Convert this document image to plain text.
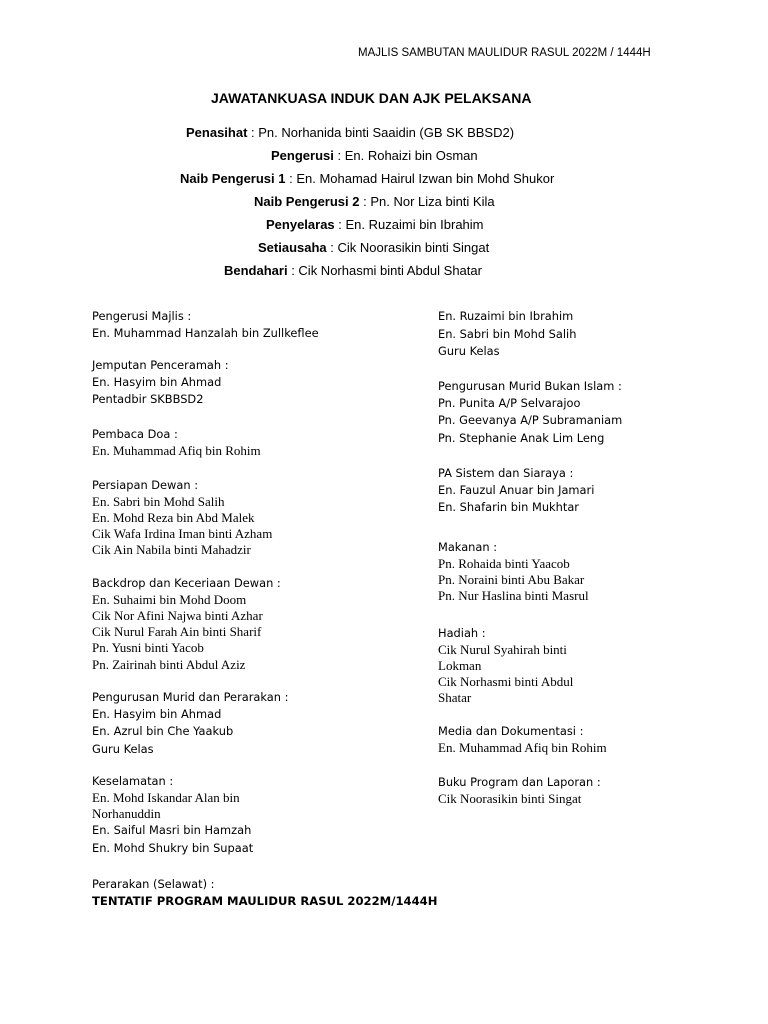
MAJLIS SAMBUTAN MAULIDUR RASUL 2022M / 1444H
JAWATANKUASA INDUK DAN AJK PELAKSANA
Penasihat : Pn. Norhanida binti Saaidin (GB SK BBSD2)
Pengerusi : En. Rohaizi bin Osman
Naib Pengerusi 1 : En. Mohamad Hairul Izwan bin Mohd Shukor
Naib Pengerusi 2 : Pn. Nor Liza binti Kila
Penyelaras : En. Ruzaimi bin Ibrahim
Setiausaha : Cik Noorasikin binti Singat
Bendahari : Cik Norhasmi binti Abdul Shatar
Pengerusi Majlis :
En. Muhammad Hanzalah bin Zullkeflee
Jemputan Penceramah :
En. Hasyim bin Ahmad
Pentadbir SKBBSD2
Pembaca Doa :
En. Muhammad Afiq bin Rohim
Persiapan Dewan :
En. Sabri bin Mohd Salih
En. Mohd Reza bin Abd Malek
Cik Wafa Irdina Iman binti Azham
Cik Ain Nabila binti Mahadzir
Backdrop dan Keceriaan Dewan :
En. Suhaimi bin Mohd Doom
Cik Nor Afini Najwa binti Azhar
Cik Nurul Farah Ain binti Sharif
Pn. Yusni binti Yacob
Pn. Zairinah binti Abdul Aziz
Pengurusan Murid dan Perarakan :
En. Hasyim bin Ahmad
En. Azrul bin Che Yaakub
Guru Kelas
Keselamatan :
En. Mohd Iskandar Alan bin
Norhanuddin
En. Saiful Masri bin Hamzah
En. Mohd Shukry bin Supaat
Perarakan (Selawat) :
TENTATIF PROGRAM MAULIDUR RASUL 2022M/1444H
En. Ruzaimi bin Ibrahim
En. Sabri bin Mohd Salih
Guru Kelas
Pengurusan Murid Bukan Islam :
Pn. Punita A/P Selvarajoo
Pn. Geevanya A/P Subramaniam
Pn. Stephanie Anak Lim Leng
PA Sistem dan Siaraya :
En. Fauzul Anuar bin Jamari
En. Shafarin bin Mukhtar
Makanan :
Pn. Rohaida binti Yaacob
Pn. Noraini binti Abu Bakar
Pn. Nur Haslina binti Masrul
Hadiah :
Cik Nurul Syahirah binti
Lokman
Cik Norhasmi binti Abdul
Shatar
Media dan Dokumentasi :
En. Muhammad Afiq bin Rohim
Buku Program dan Laporan :
Cik Noorasikin binti Singat
